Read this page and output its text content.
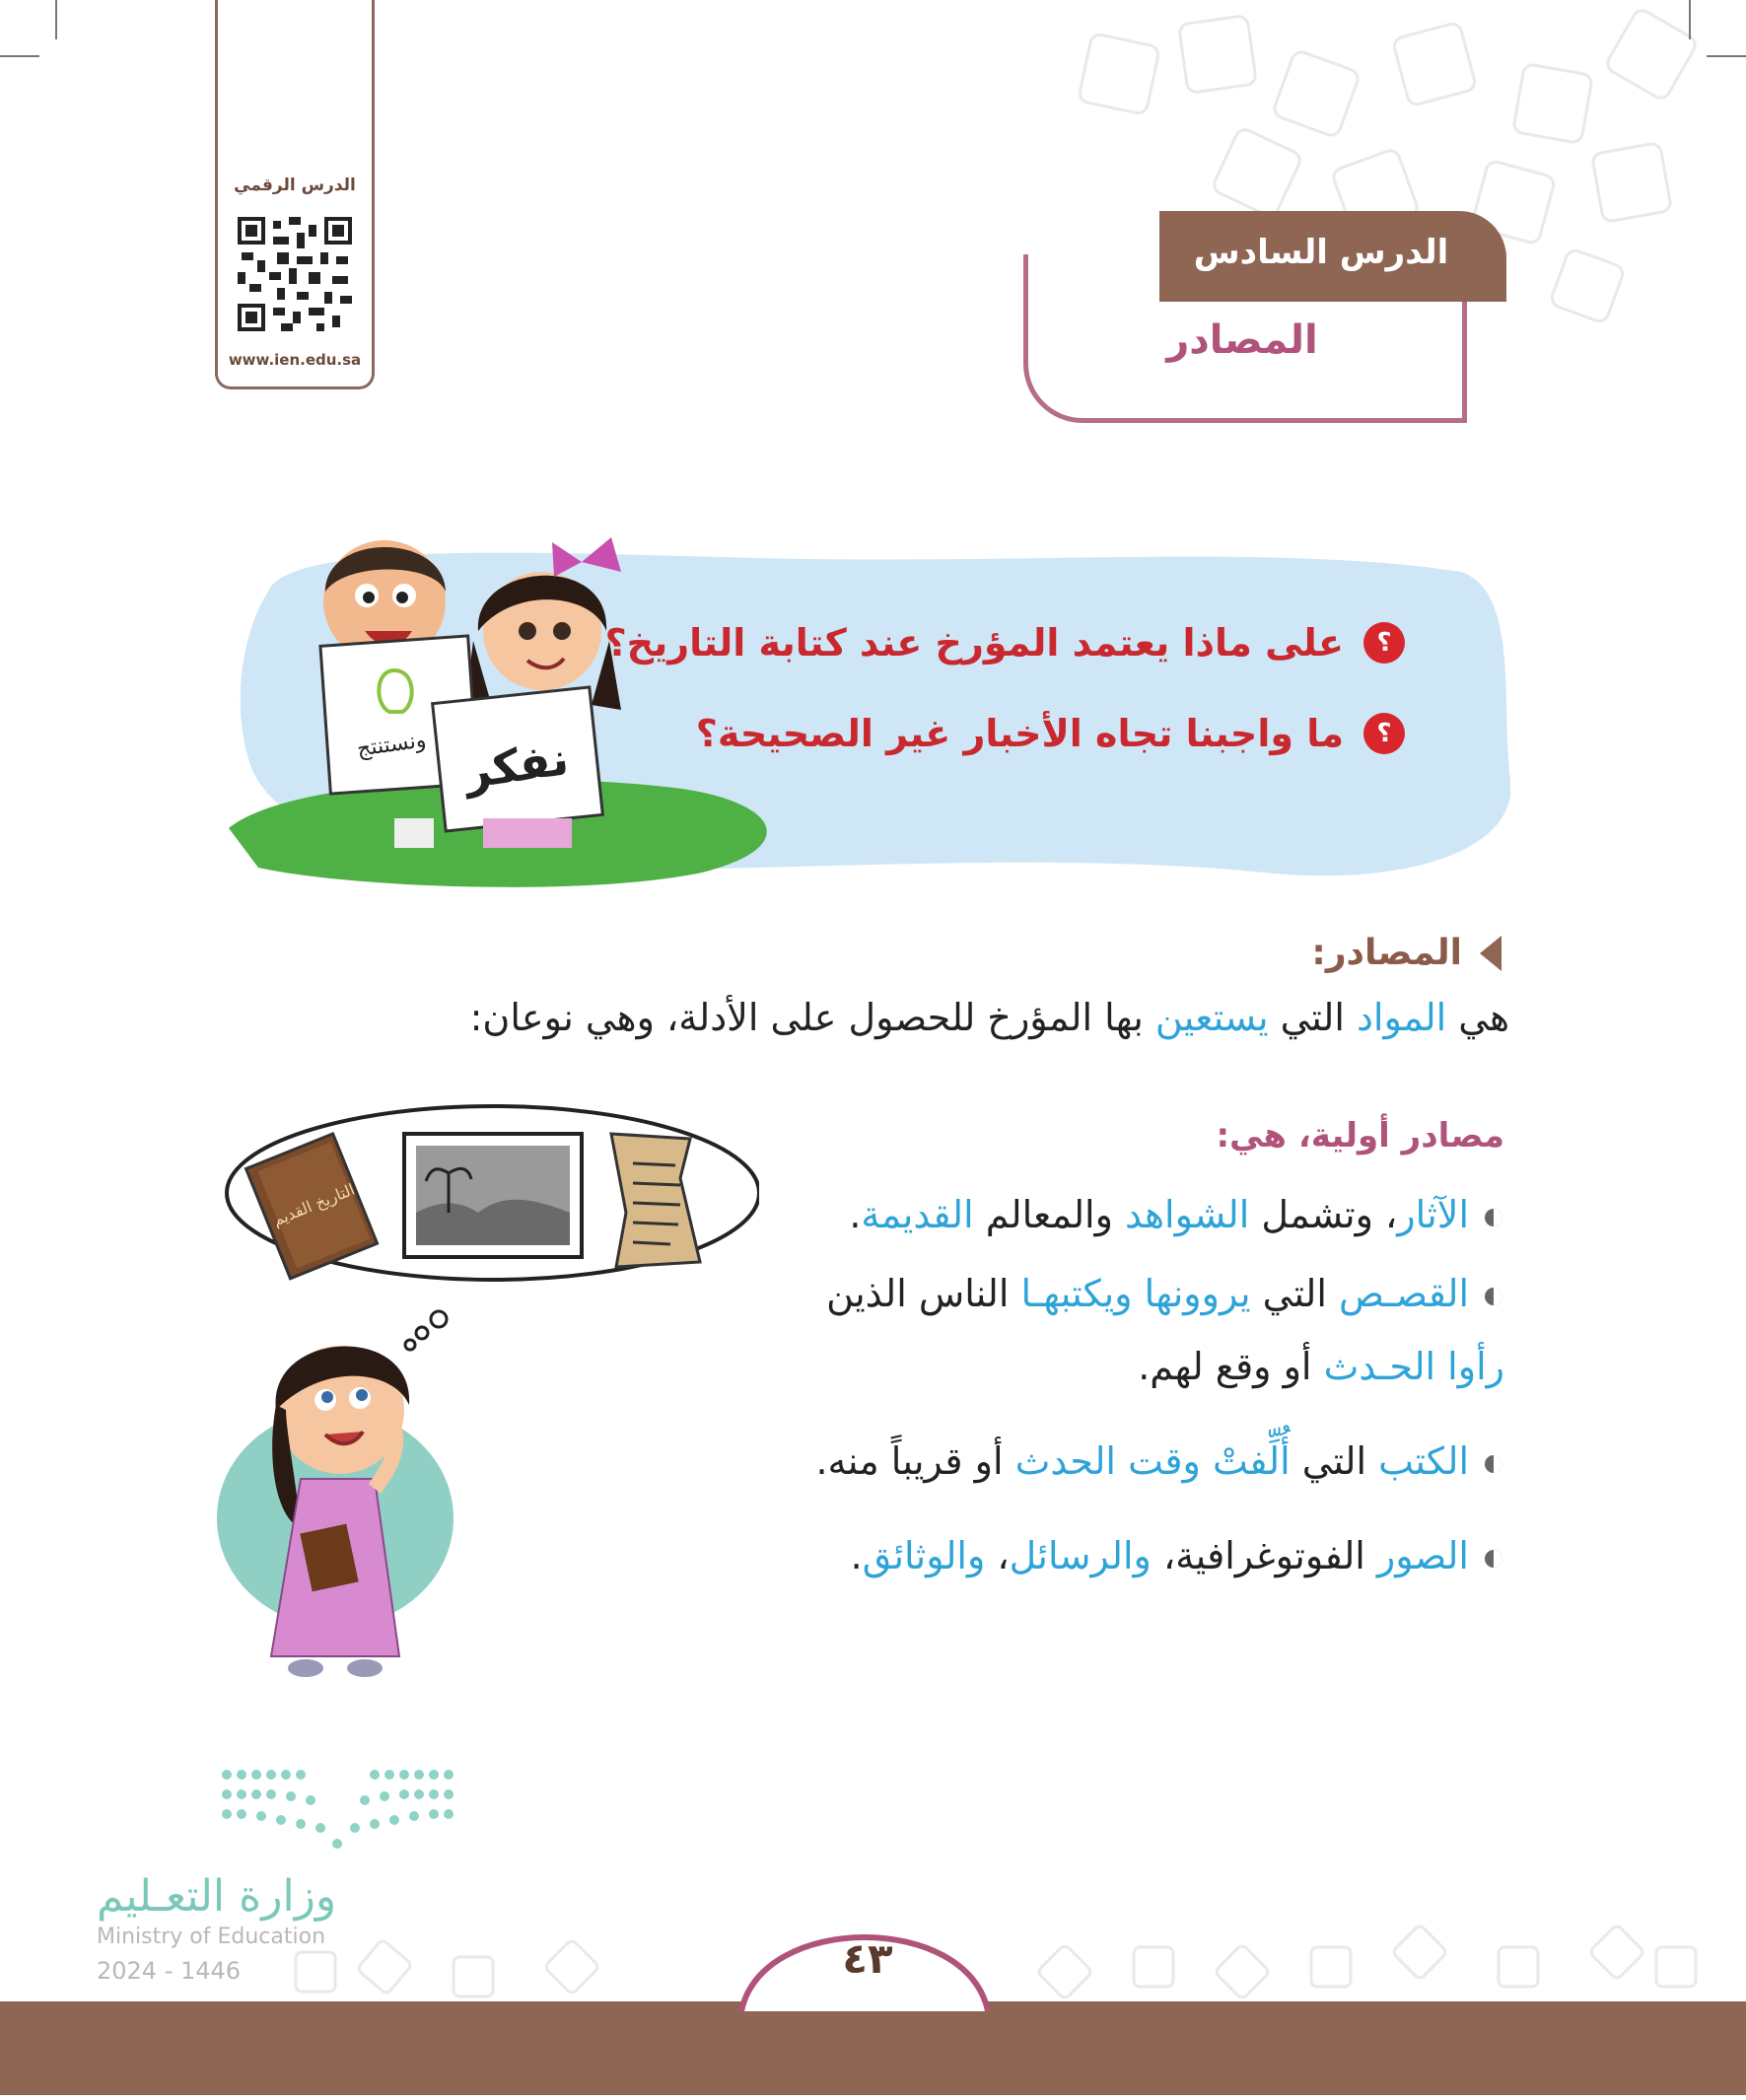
الدرس الرقمي
www.ien.edu.sa
الدرس السادس
المصادر
ونستنتج نفكر
؟
على ماذا يعتمد المؤرخ عند كتابة التاريخ؟
؟
ما واجبنا تجاه الأخبار غير الصحيحة؟
المصادر:
هي المواد التي يستعين بها المؤرخ للحصول على الأدلة، وهي نوعان:
مصادر أولية، هي:
الآثار، وتشمل الشواهد والمعالم القديمة.
القصـص التي يروونها ويكتبهـا الناس الذين
رأوا الحـدث أو وقع لهم.
الكتب التي أُلِّفتْ وقت الحدث أو قريباً منه.
الصور الفوتوغرافية، والرسائل، والوثائق.
التاريخ القديم
وزارة التعـليم
Ministry of Education
2024 - 1446	٤٣
